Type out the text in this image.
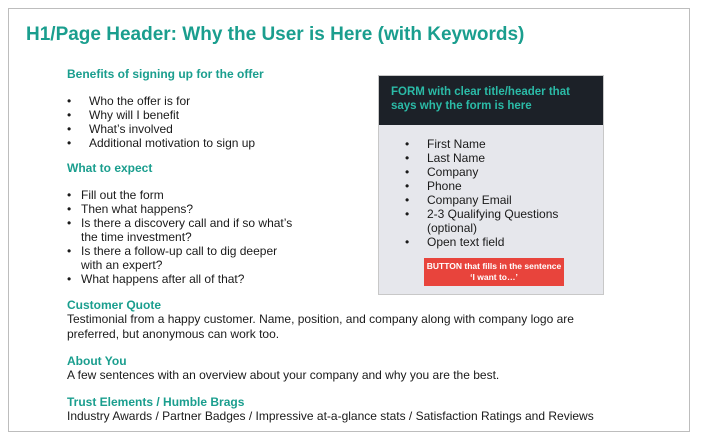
H1/Page Header: Why the User is Here (with Keywords)
Benefits of signing up for the offer
• Who the offer is for
• Why will I benefit
• What’s involved
• Additional motivation to sign up
What to expect
• Fill out the form
• Then what happens?
• Is there a discovery call and if so what’s the time investment?
• Is there a follow-up call to dig deeper with an expert?
• What happens after all of that?
FORM with clear title/header that says why the form is here
• First Name
• Last Name
• Company
• Phone
• Company Email
• 2-3 Qualifying Questions (optional)
• Open text field
BUTTON that fills in the sentence ‘I want to…’
Customer Quote
Testimonial from a happy customer. Name, position, and company along with company logo are preferred, but anonymous can work too.
About You
A few sentences with an overview about your company and why you are the best.
Trust Elements / Humble Brags
Industry Awards / Partner Badges / Impressive at-a-glance stats / Satisfaction Ratings and Reviews
